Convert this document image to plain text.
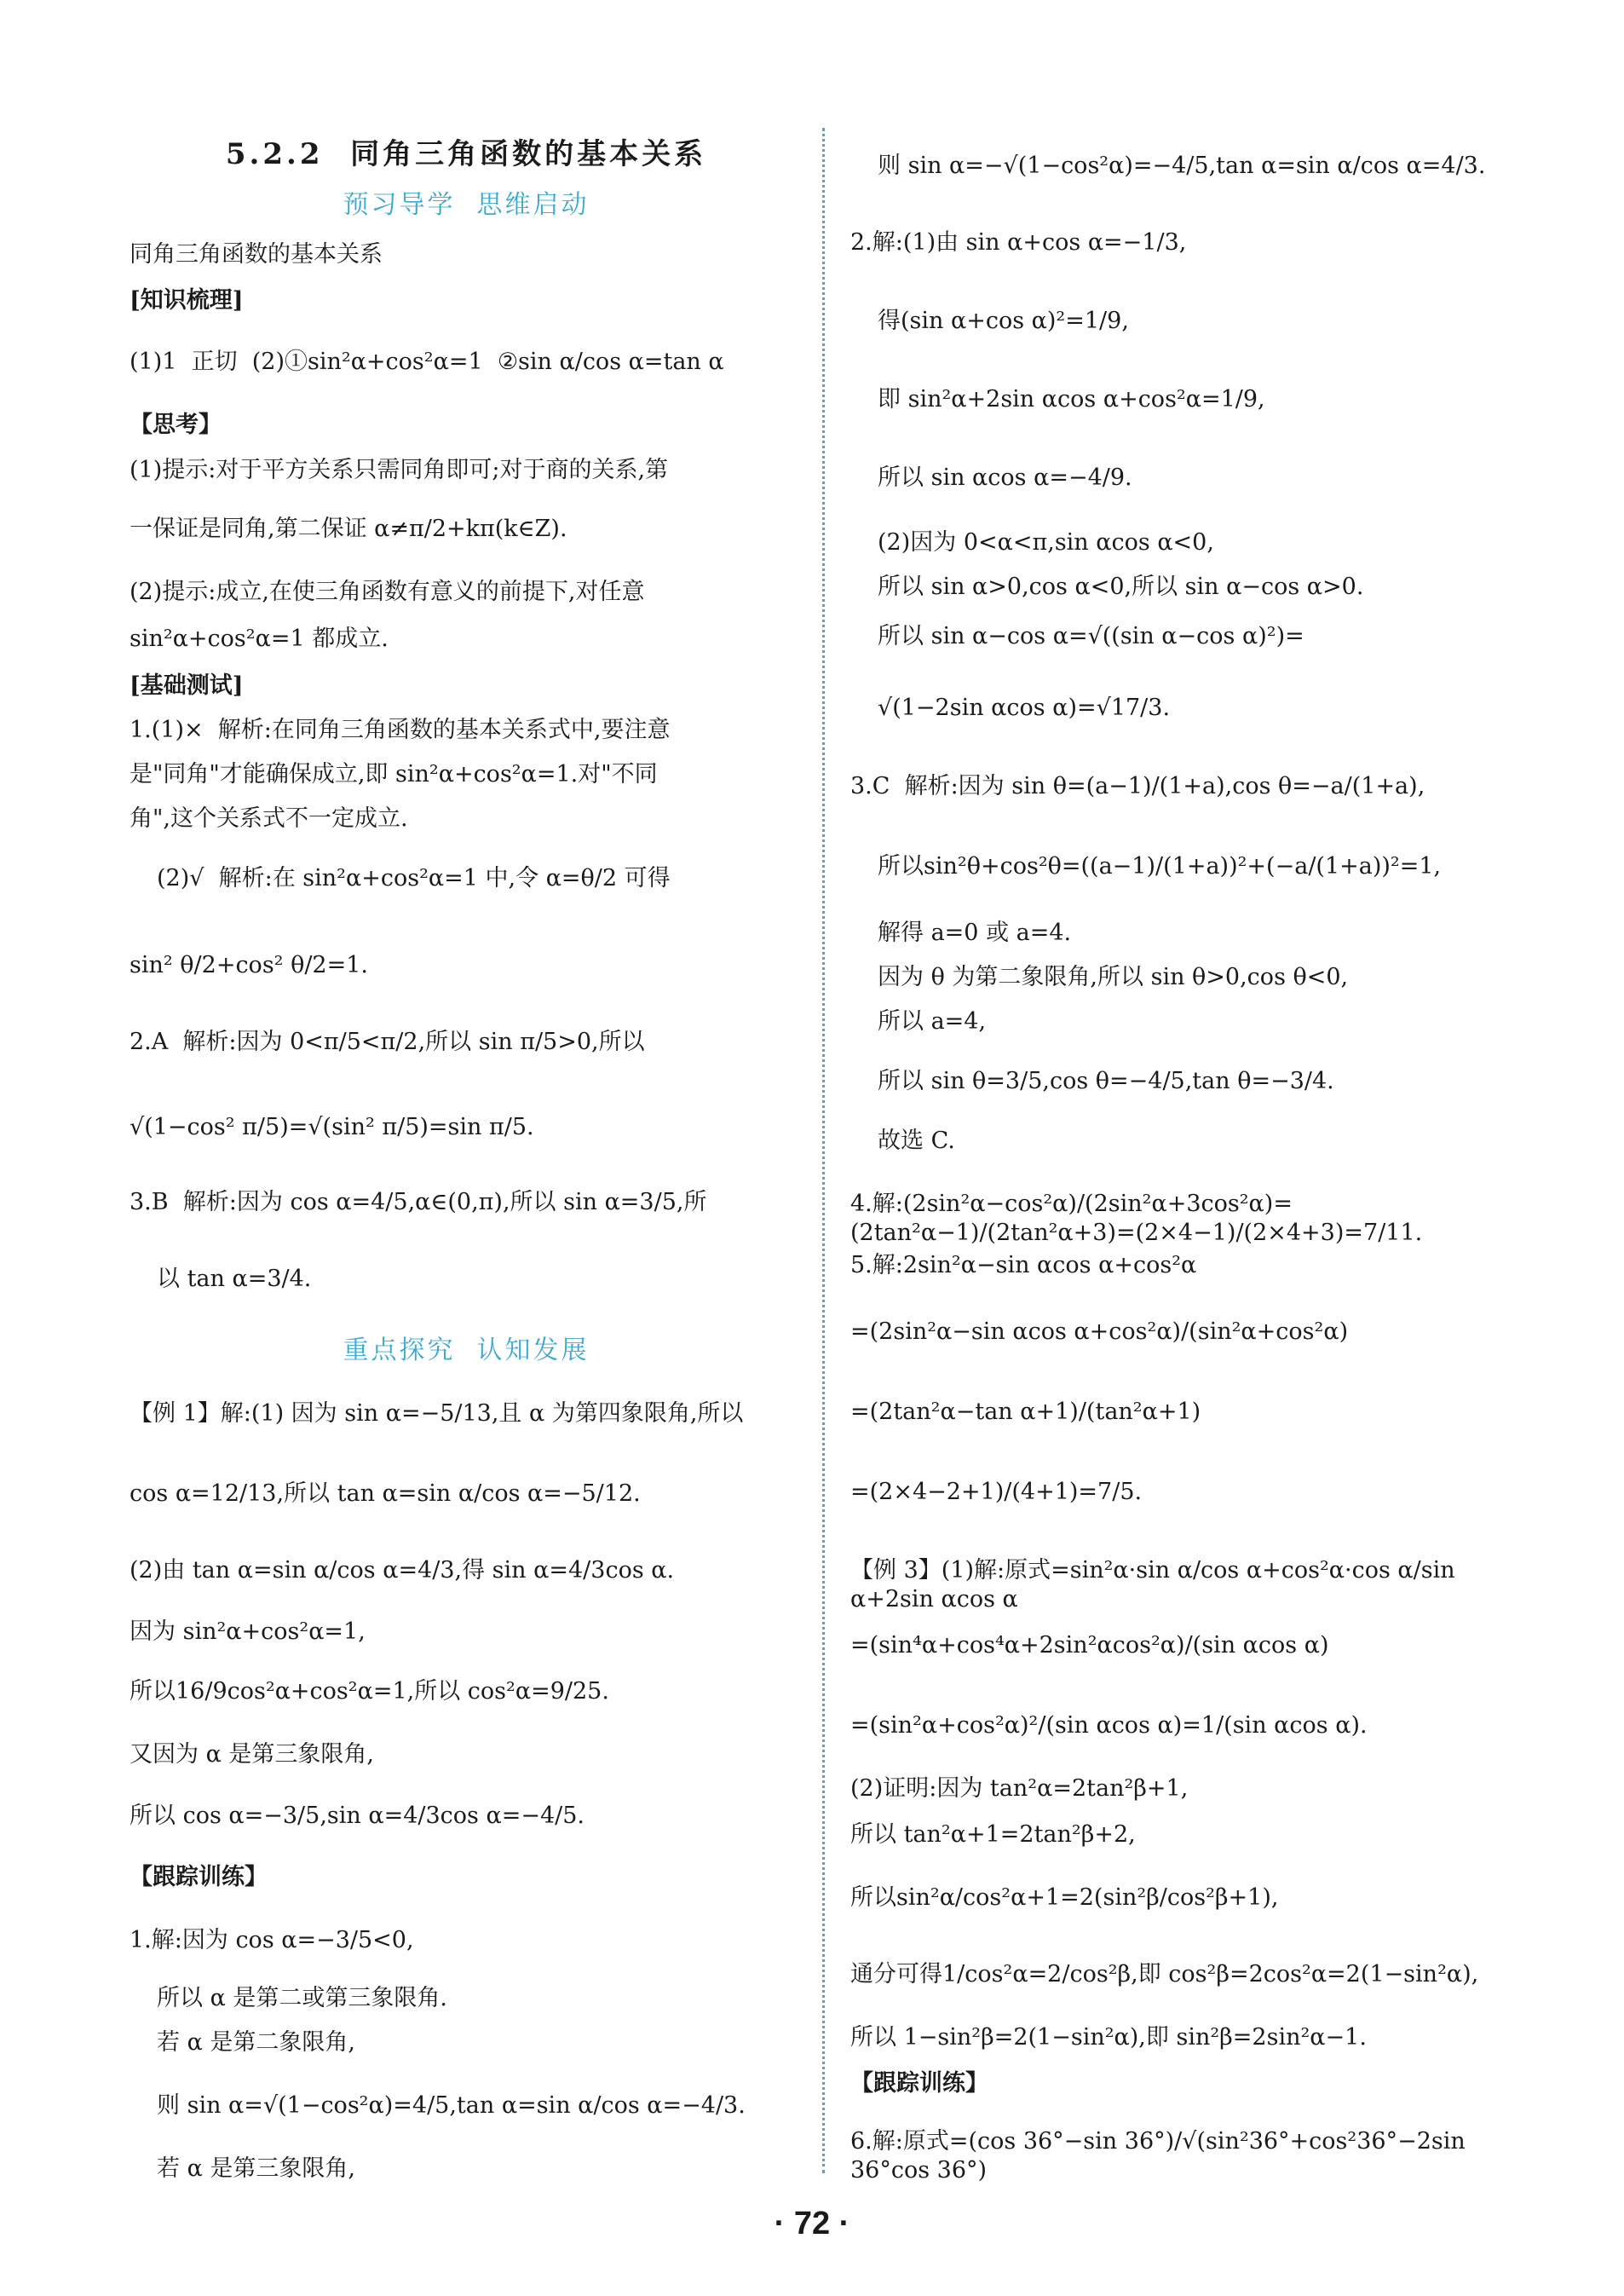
5.2.2  同角三角函数的基本关系
预习导学  思维启动
同角三角函数的基本关系
[知识梳理]
(1)1  正切  (2)①sin²α+cos²α=1  ②sin α/cos α=tan α
【思考】
(1)提示:对于平方关系只需同角即可;对于商的关系,第
一保证是同角,第二保证 α≠π/2+kπ(k∈Z).
(2)提示:成立,在使三角函数有意义的前提下,对任意
sin²α+cos²α=1 都成立.
[基础测试]
1.(1)×  解析:在同角三角函数的基本关系式中,要注意
是"同角"才能确保成立,即 sin²α+cos²α=1.对"不同
角",这个关系式不一定成立.
(2)√  解析:在 sin²α+cos²α=1 中,令 α=θ/2 可得
sin² θ/2+cos² θ/2=1.
2.A  解析:因为 0<π/5<π/2,所以 sin π/5>0,所以
√(1−cos² π/5)=√(sin² π/5)=sin π/5.
3.B  解析:因为 cos α=4/5,α∈(0,π),所以 sin α=3/5,所
以 tan α=3/4.
重点探究  认知发展
【例 1】解:(1) 因为 sin α=−5/13,且 α 为第四象限角,所以
cos α=12/13,所以 tan α=sin α/cos α=−5/12.
(2)由 tan α=sin α/cos α=4/3,得 sin α=4/3cos α.
因为 sin²α+cos²α=1,
所以16/9cos²α+cos²α=1,所以 cos²α=9/25.
又因为 α 是第三象限角,
所以 cos α=−3/5,sin α=4/3cos α=−4/5.
【跟踪训练】
1.解:因为 cos α=−3/5<0,
所以 α 是第二或第三象限角.
若 α 是第二象限角,
则 sin α=√(1−cos²α)=4/5,tan α=sin α/cos α=−4/3.
若 α 是第三象限角,
则 sin α=−√(1−cos²α)=−4/5,tan α=sin α/cos α=4/3.
2.解:(1)由 sin α+cos α=−1/3,
得(sin α+cos α)²=1/9,
即 sin²α+2sin αcos α+cos²α=1/9,
所以 sin αcos α=−4/9.
(2)因为 0<α<π,sin αcos α<0,
所以 sin α>0,cos α<0,所以 sin α−cos α>0.
所以 sin α−cos α=√((sin α−cos α)²)=
√(1−2sin αcos α)=√17/3.
3.C  解析:因为 sin θ=(a−1)/(1+a),cos θ=−a/(1+a),
所以sin²θ+cos²θ=((a−1)/(1+a))²+(−a/(1+a))²=1,
解得 a=0 或 a=4.
因为 θ 为第二象限角,所以 sin θ>0,cos θ<0,
所以 a=4,
所以 sin θ=3/5,cos θ=−4/5,tan θ=−3/4.
故选 C.
4.解:(2sin²α−cos²α)/(2sin²α+3cos²α)=(2tan²α−1)/(2tan²α+3)=(2×4−1)/(2×4+3)=7/11.
5.解:2sin²α−sin αcos α+cos²α
=(2sin²α−sin αcos α+cos²α)/(sin²α+cos²α)
=(2tan²α−tan α+1)/(tan²α+1)
=(2×4−2+1)/(4+1)=7/5.
【例 3】(1)解:原式=sin²α·sin α/cos α+cos²α·cos α/sin α+2sin αcos α
=(sin⁴α+cos⁴α+2sin²αcos²α)/(sin αcos α)
=(sin²α+cos²α)²/(sin αcos α)=1/(sin αcos α).
(2)证明:因为 tan²α=2tan²β+1,
所以 tan²α+1=2tan²β+2,
所以sin²α/cos²α+1=2(sin²β/cos²β+1),
通分可得1/cos²α=2/cos²β,即 cos²β=2cos²α=2(1−sin²α),
所以 1−sin²β=2(1−sin²α),即 sin²β=2sin²α−1.
【跟踪训练】
6.解:原式=(cos 36°−sin 36°)/√(sin²36°+cos²36°−2sin 36°cos 36°)
· 72 ·
